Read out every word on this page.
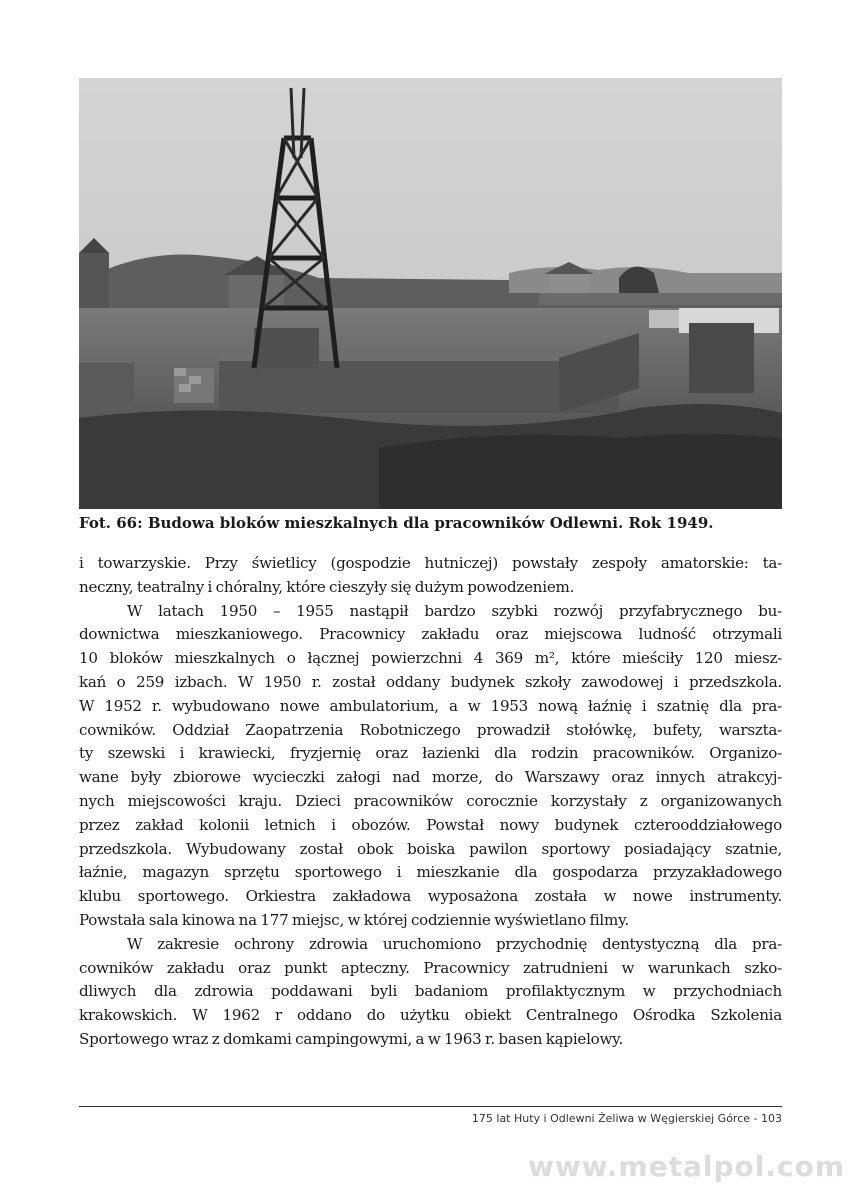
Fot. 66: Budowa bloków mieszkalnych dla pracowników Odlewni. Rok 1949.
i towarzyskie. Przy świetlicy (gospodzie hutniczej) powstały zespoły amatorskie: ta-
neczny, teatralny i chóralny, które cieszyły się dużym powodzeniem.
W latach 1950 – 1955 nastąpił bardzo szybki rozwój przyfabrycznego bu-
downictwa mieszkaniowego. Pracownicy zakładu oraz miejscowa ludność otrzymali
10 bloków mieszkalnych o łącznej powierzchni 4 369 m², które mieściły 120 miesz-
kań o 259 izbach. W 1950 r. został oddany budynek szkoły zawodowej i przedszkola.
W 1952 r. wybudowano nowe ambulatorium, a w 1953 nową łaźnię i szatnię dla pra-
cowników. Oddział Zaopatrzenia Robotniczego prowadził stołówkę, bufety, warszta-
ty szewski i krawiecki, fryzjernię oraz łazienki dla rodzin pracowników. Organizo-
wane były zbiorowe wycieczki załogi nad morze, do Warszawy oraz innych atrakcyj-
nych miejscowości kraju. Dzieci pracowników corocznie korzystały z organizowanych
przez zakład kolonii letnich i obozów. Powstał nowy budynek czterooddziałowego
przedszkola. Wybudowany został obok boiska pawilon sportowy posiadający szatnie,
łaźnie, magazyn sprzętu sportowego i mieszkanie dla gospodarza przyzakładowego
klubu sportowego. Orkiestra zakładowa wyposażona została w nowe instrumenty.
Powstała sala kinowa na 177 miejsc, w której codziennie wyświetlano filmy.
W zakresie ochrony zdrowia uruchomiono przychodnię dentystyczną dla pra-
cowników zakładu oraz punkt apteczny. Pracownicy zatrudnieni w warunkach szko-
dliwych dla zdrowia poddawani byli badaniom profilaktycznym w przychodniach
krakowskich. W 1962 r oddano do użytku obiekt Centralnego Ośrodka Szkolenia
Sportowego wraz z domkami campingowymi, a w 1963 r. basen kąpielowy.
175 lat Huty i Odlewni Żeliwa w Węgierskiej Górce - 103
www.metalpol.com
